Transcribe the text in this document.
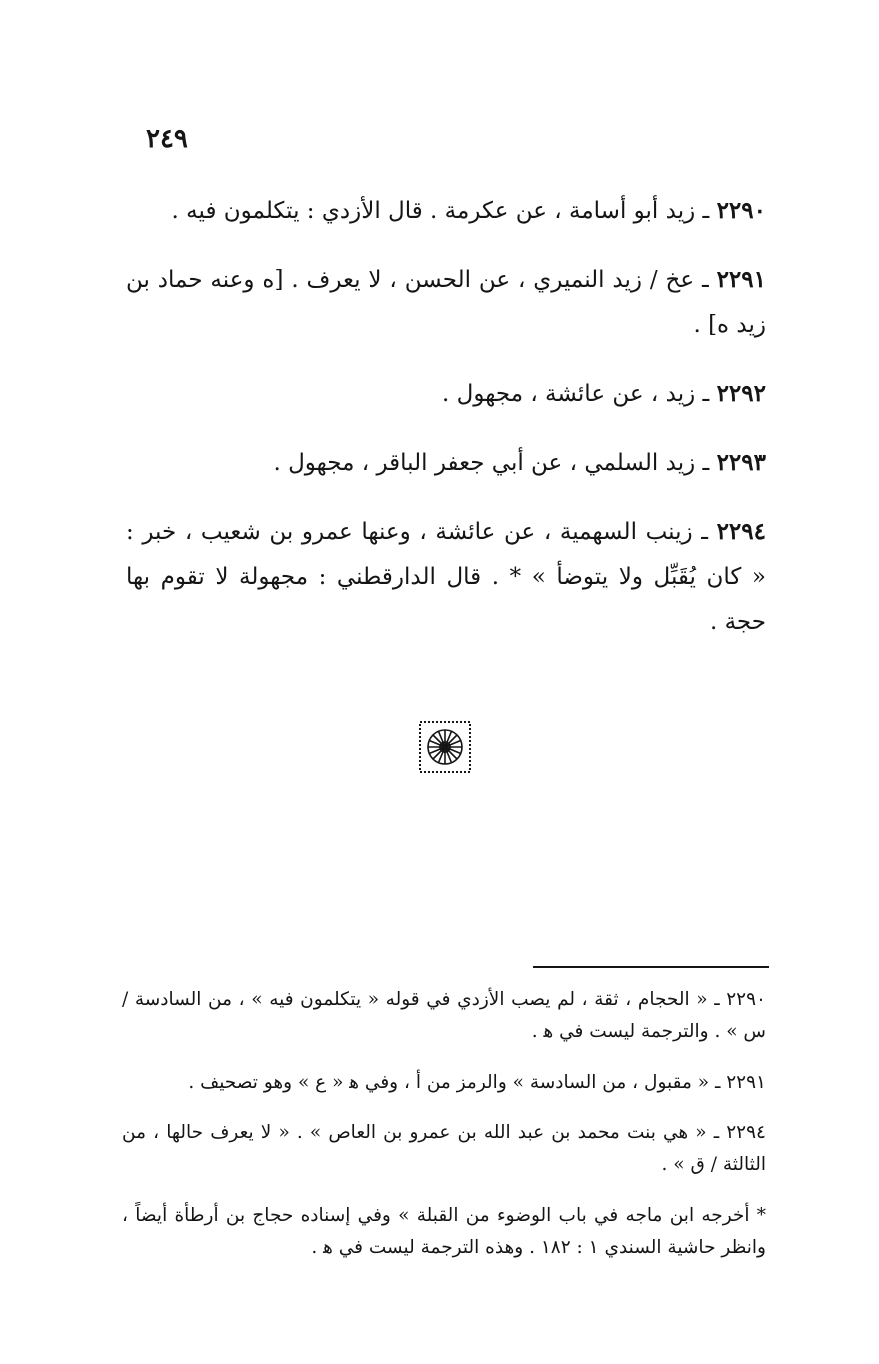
٢٤٩

٢٢٩٠ ـ زيد أبو أسامة ، عن عكرمة . قال الأزدي : يتكلمون فيه .

٢٢٩١ ـ عخ / زيد النميري ، عن الحسن ، لا يعرف . [ه وعنه حماد بن زيد ه] .

٢٢٩٢ ـ زيد ، عن عائشة ، مجهول .

٢٢٩٣ ـ زيد السلمي ، عن أبي جعفر الباقر ، مجهول .

٢٢٩٤ ـ زينب السهمية ، عن عائشة ، وعنها عمرو بن شعيب ، خبر : « كان يُقَبِّل ولا يتوضأ » * . قال الدارقطني : مجهولة لا تقوم بها حجة .

٢٢٩٠ ـ « الحجام ، ثقة ، لم يصب الأزدي في قوله « يتكلمون فيه » ، من السادسة / س » . والترجمة ليست في ﻫ .

٢٢٩١ ـ « مقبول ، من السادسة » والرمز من أ ، وفي ﻫ « ع » وهو تصحيف .

٢٢٩٤ ـ « هي بنت محمد بن عبد الله بن عمرو بن العاص » . « لا يعرف حالها ، من الثالثة / ق » .

* أخرجه ابن ماجه في باب الوضوء من القبلة » وفي إسناده حجاج بن أرطأة أيضاً ، وانظر حاشية السندي ١ : ١٨٢ . وهذه الترجمة ليست في ﻫ .
